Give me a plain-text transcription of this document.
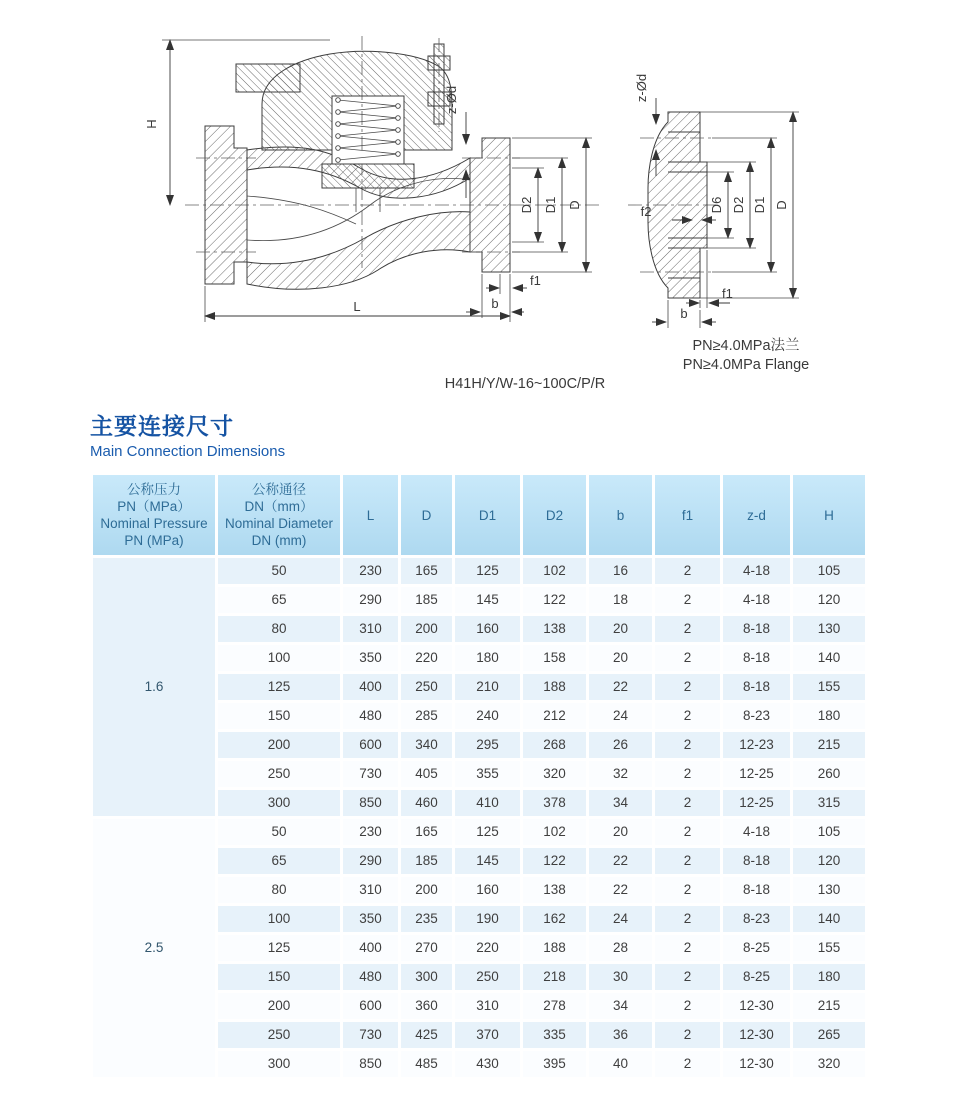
H
L
D2 D1 D
f1
b
z-Ød
H41H/Y/W-16~100C/P/R
z-Ød
f2	D6 D2 D1 D
f1
b
PN≥4.0MPa法兰
PN≥4.0MPa Flange
主要连接尺寸
Main Connection Dimensions
公称压力
PN（MPa）
Nominal Pressure
PN (MPa)	公称通径
DN（mm）
Nominal Diameter
DN (mm)	L	D	D1	D2	b	f1	z-d	H
1.6	50	230	165	125	102	16	2	4-18	105
	65	290	185	145	122	18	2	4-18	120
	80	310	200	160	138	20	2	8-18	130
	100	350	220	180	158	20	2	8-18	140
	125	400	250	210	188	22	2	8-18	155
	150	480	285	240	212	24	2	8-23	180
	200	600	340	295	268	26	2	12-23	215
	250	730	405	355	320	32	2	12-25	260
	300	850	460	410	378	34	2	12-25	315
2.5	50	230	165	125	102	20	2	4-18	105
	65	290	185	145	122	22	2	8-18	120
	80	310	200	160	138	22	2	8-18	130
	100	350	235	190	162	24	2	8-23	140
	125	400	270	220	188	28	2	8-25	155
	150	480	300	250	218	30	2	8-25	180
	200	600	360	310	278	34	2	12-30	215
	250	730	425	370	335	36	2	12-30	265
	300	850	485	430	395	40	2	12-30	320
